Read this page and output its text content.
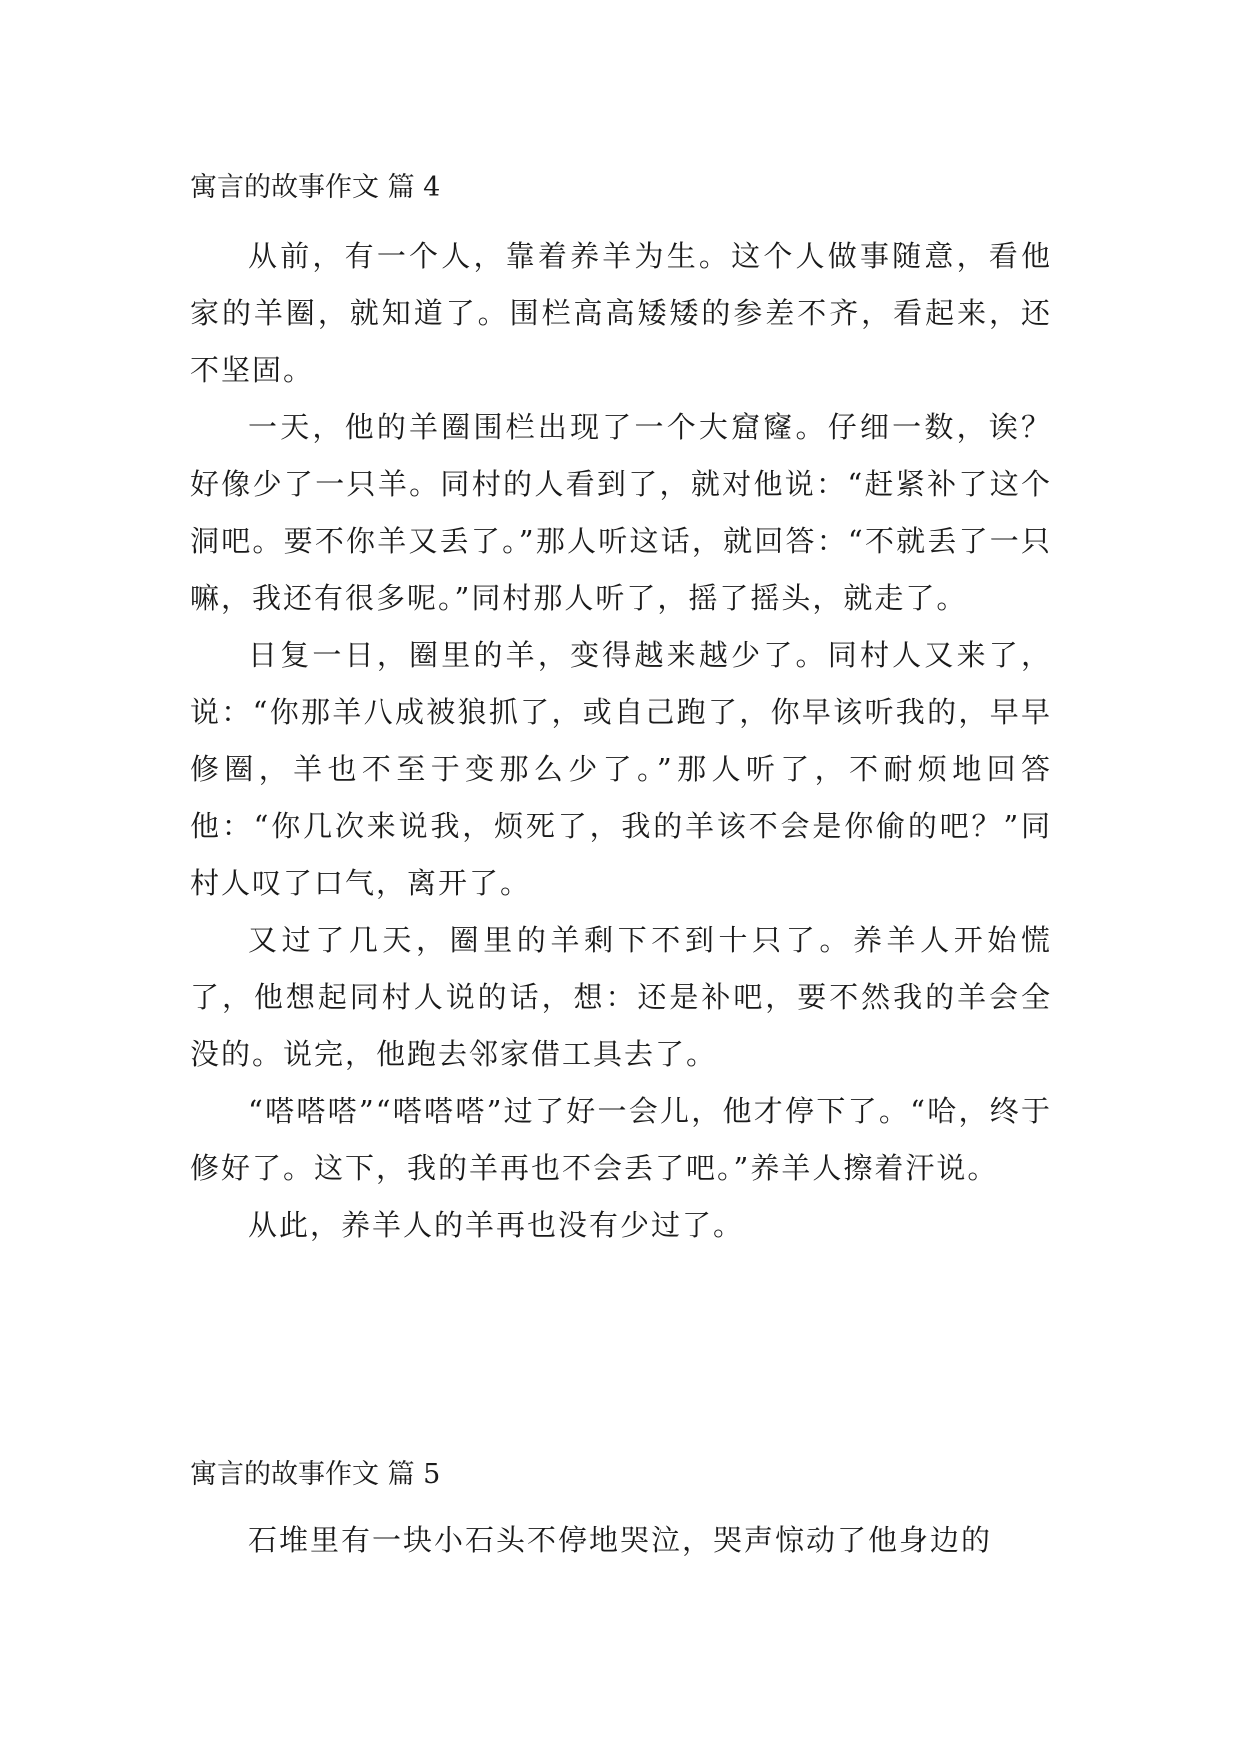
寓言的故事作文 篇 4

从前，有一个人，靠着养羊为生。这个人做事随意，看他家的羊圈，就知道了。围栏高高矮矮的参差不齐，看起来，还不坚固。

一天，他的羊圈围栏出现了一个大窟窿。仔细一数，诶？好像少了一只羊。同村的人看到了，就对他说：“赶紧补了这个洞吧。要不你羊又丢了。”那人听这话，就回答：“不就丢了一只嘛，我还有很多呢。”同村那人听了，摇了摇头，就走了。

日复一日，圈里的羊，变得越来越少了。同村人又来了，说：“你那羊八成被狼抓了，或自己跑了，你早该听我的，早早修圈，羊也不至于变那么少了。”那人听了，不耐烦地回答他：“你几次来说我，烦死了，我的羊该不会是你偷的吧？”同村人叹了口气，离开了。

又过了几天，圈里的羊剩下不到十只了。养羊人开始慌了，他想起同村人说的话，想：还是补吧，要不然我的羊会全没的。说完，他跑去邻家借工具去了。

“嗒嗒嗒”“嗒嗒嗒”过了好一会儿，他才停下了。“哈，终于修好了。这下，我的羊再也不会丢了吧。”养羊人擦着汗说。

从此，养羊人的羊再也没有少过了。

寓言的故事作文 篇 5

石堆里有一块小石头不停地哭泣，哭声惊动了他身边的
